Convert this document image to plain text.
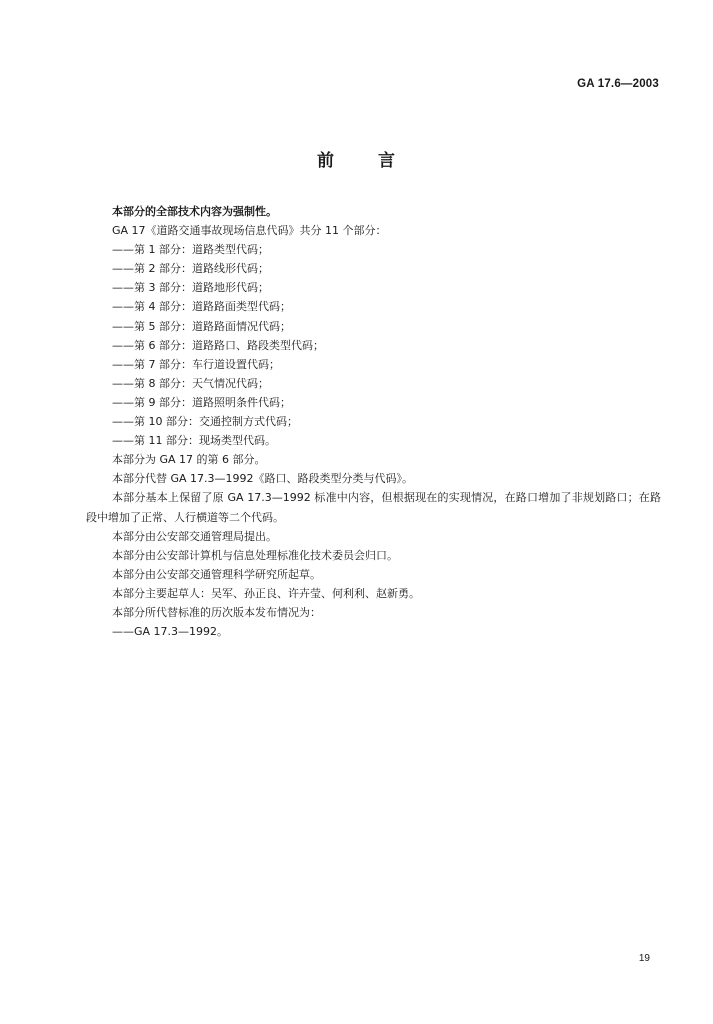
GA 17.6—2003
前 言

本部分的全部技术内容为强制性。

GA 17《道路交通事故现场信息代码》共分 11 个部分：

——第 1 部分：道路类型代码；

——第 2 部分：道路线形代码；

——第 3 部分：道路地形代码；

——第 4 部分：道路路面类型代码；

——第 5 部分：道路路面情况代码；

——第 6 部分：道路路口、路段类型代码；

——第 7 部分：车行道设置代码；

——第 8 部分：天气情况代码；

——第 9 部分：道路照明条件代码；

——第 10 部分：交通控制方式代码；

——第 11 部分：现场类型代码。

本部分为 GA 17 的第 6 部分。

本部分代替 GA 17.3—1992《路口、路段类型分类与代码》。

本部分基本上保留了原 GA 17.3—1992 标准中内容，但根据现在的实现情况，在路口增加了非规划路口；在路段中增加了正常、人行横道等二个代码。

本部分由公安部交通管理局提出。

本部分由公安部计算机与信息处理标准化技术委员会归口。

本部分由公安部交通管理科学研究所起草。

本部分主要起草人：吴军、孙正良、许卉莹、何利利、赵新勇。

本部分所代替标准的历次版本发布情况为：

——GA 17.3—1992。

19
